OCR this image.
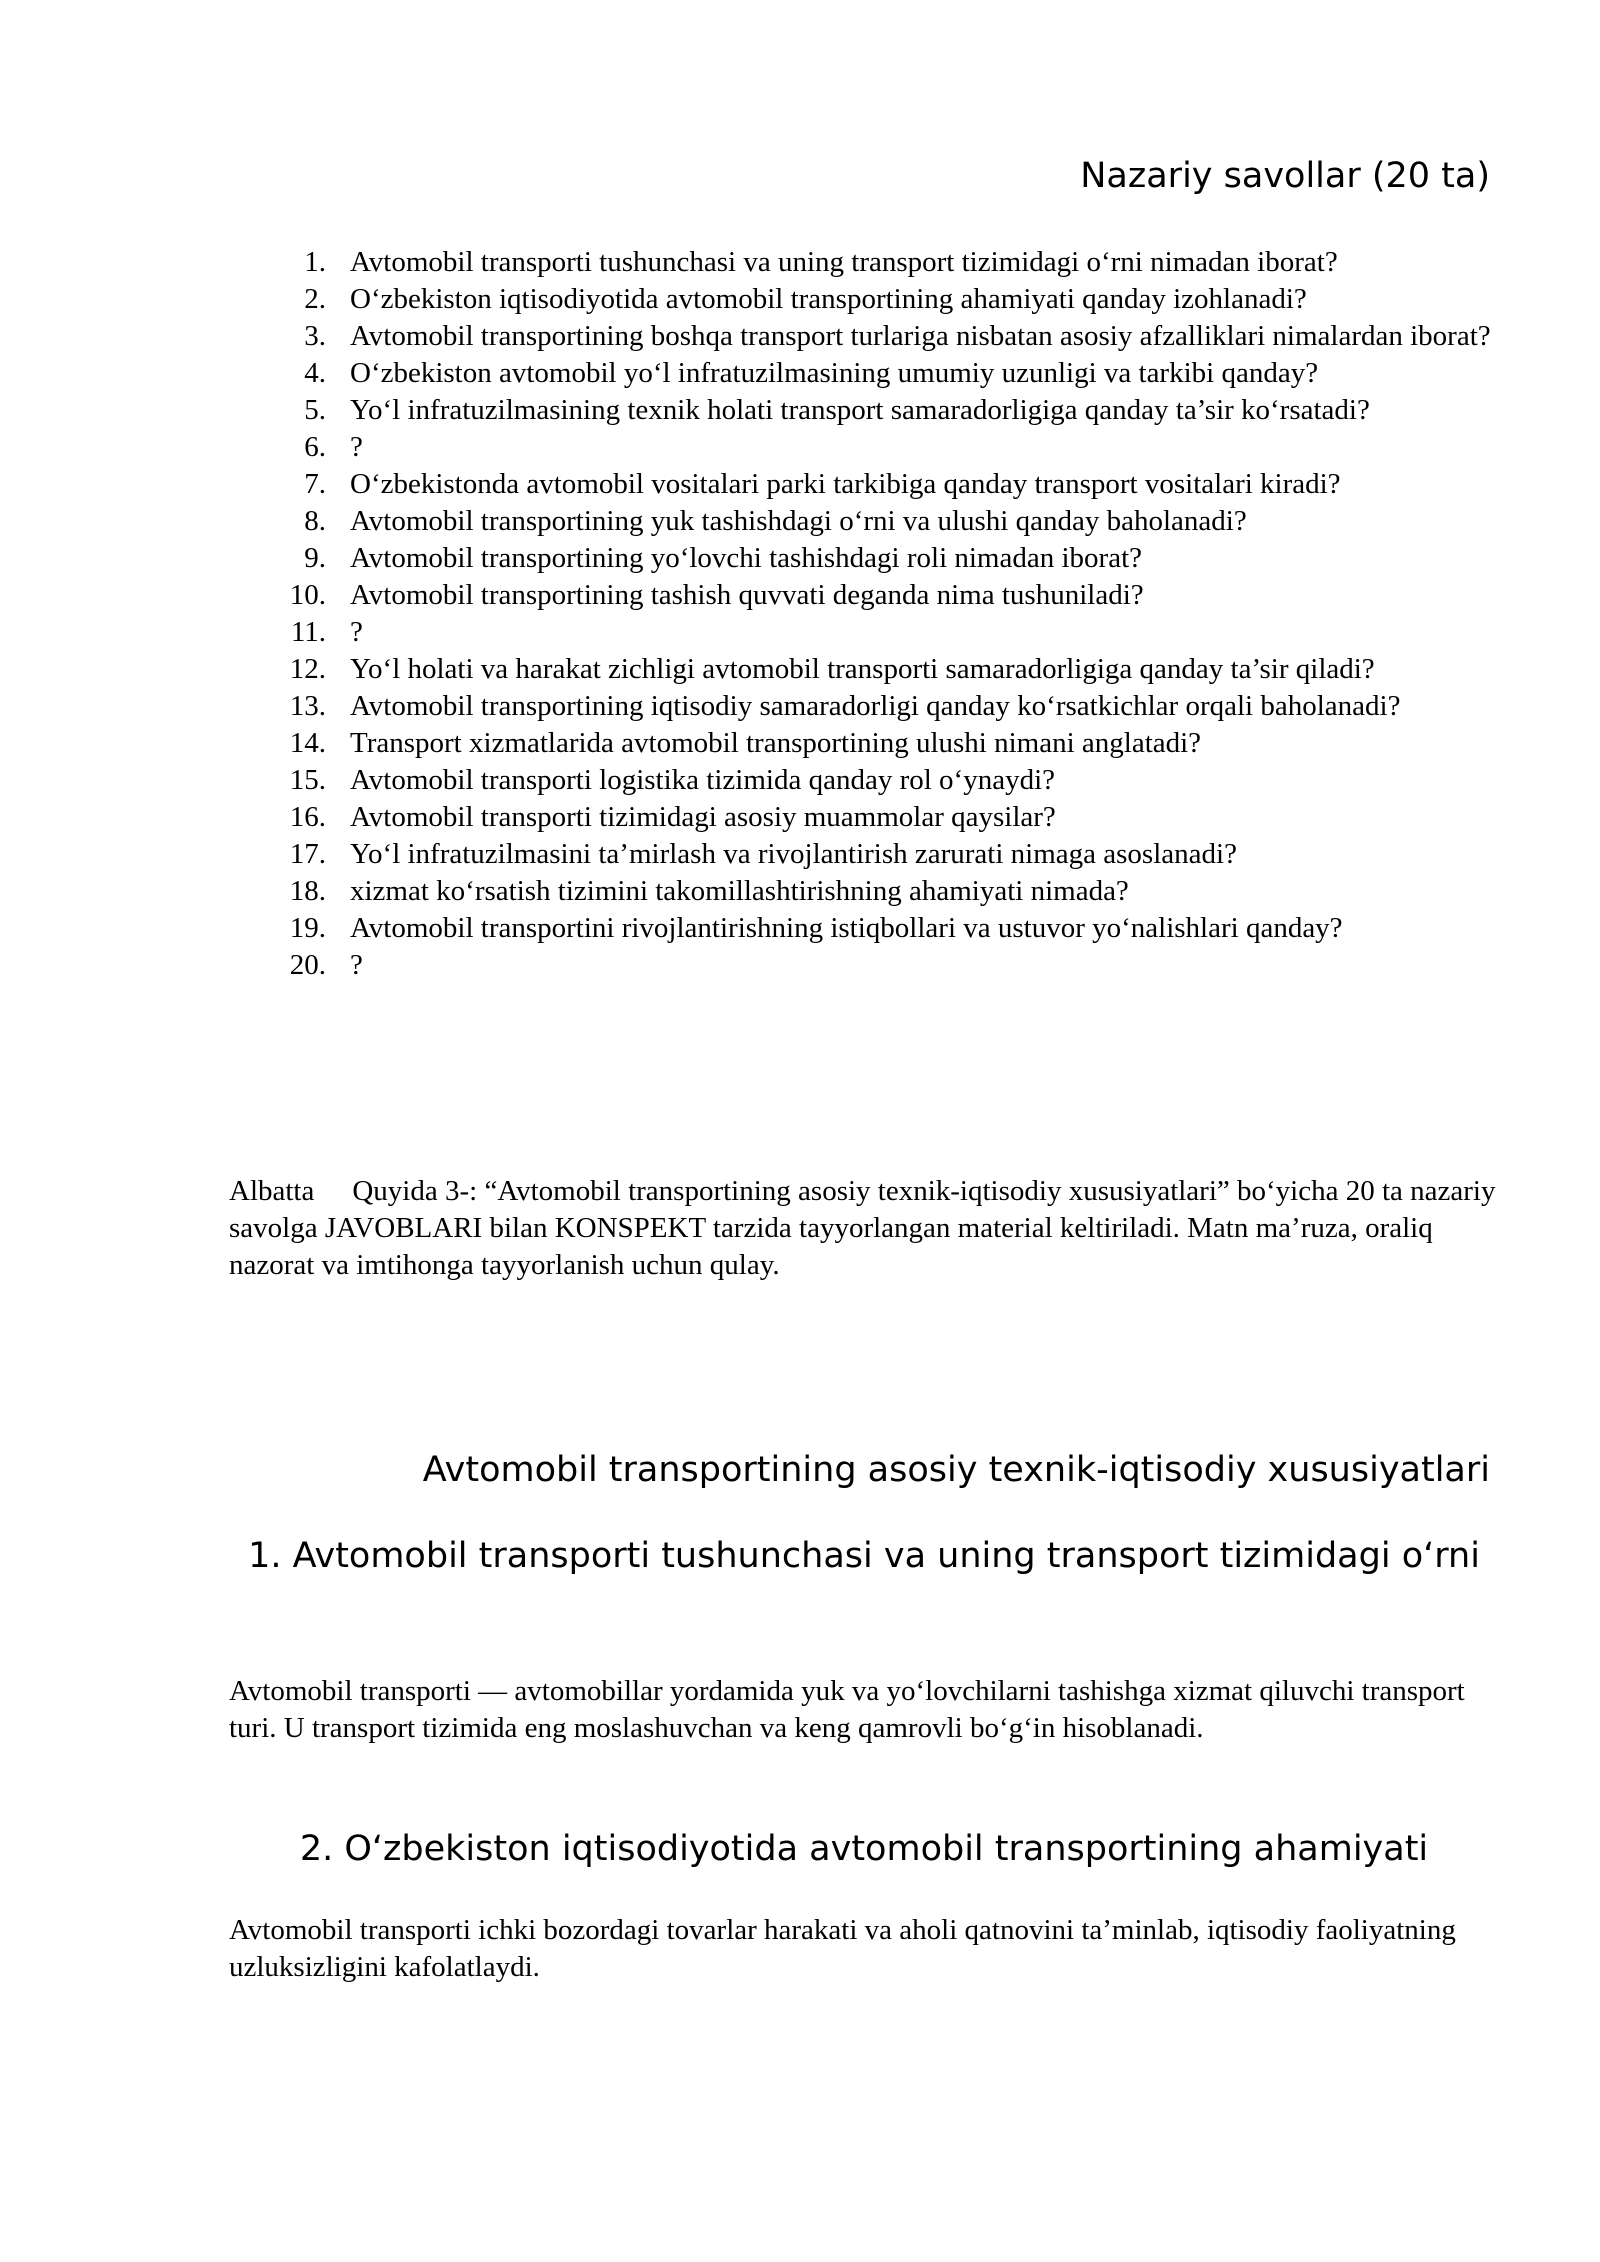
Nazariy savollar (20 ta)
1. Avtomobil transporti tushunchasi va uning transport tizimidagi o‘rni nimadan iborat?
2. O‘zbekiston iqtisodiyotida avtomobil transportining ahamiyati qanday izohlanadi?
3. Avtomobil transportining boshqa transport turlariga nisbatan asosiy afzalliklari nimalardan iborat?
4. O‘zbekiston avtomobil yo‘l infratuzilmasining umumiy uzunligi va tarkibi qanday?
5. Yo‘l infratuzilmasining texnik holati transport samaradorligiga qanday ta’sir ko‘rsatadi?
6. ?
7. O‘zbekistonda avtomobil vositalari parki tarkibiga qanday transport vositalari kiradi?
8. Avtomobil transportining yuk tashishdagi o‘rni va ulushi qanday baholanadi?
9. Avtomobil transportining yo‘lovchi tashishdagi roli nimadan iborat?
10. Avtomobil transportining tashish quvvati deganda nima tushuniladi?
11. ?
12. Yo‘l holati va harakat zichligi avtomobil transporti samaradorligiga qanday ta’sir qiladi?
13. Avtomobil transportining iqtisodiy samaradorligi qanday ko‘rsatkichlar orqali baholanadi?
14. Transport xizmatlarida avtomobil transportining ulushi nimani anglatadi?
15. Avtomobil transporti logistika tizimida qanday rol o‘ynaydi?
16. Avtomobil transporti tizimidagi asosiy muammolar qaysilar?
17. Yo‘l infratuzilmasini ta’mirlash va rivojlantirish zarurati nimaga asoslanadi?
18. xizmat ko‘rsatish tizimini takomillashtirishning ahamiyati nimada?
19. Avtomobil transportini rivojlantirishning istiqbollari va ustuvor yo‘nalishlari qanday?
20. ?

Albatta Quyida 3-: “Avtomobil transportining asosiy texnik-iqtisodiy xususiyatlari” bo‘yicha 20 ta nazariy savolga JAVOBLARI bilan KONSPEKT tarzida tayyorlangan material keltiriladi. Matn ma’ruza, oraliq nazorat va imtihonga tayyorlanish uchun qulay.

Avtomobil transportining asosiy texnik-iqtisodiy xususiyatlari
1. Avtomobil transporti tushunchasi va uning transport tizimidagi o‘rni

Avtomobil transporti — avtomobillar yordamida yuk va yo‘lovchilarni tashishga xizmat qiluvchi transport turi. U transport tizimida eng moslashuvchan va keng qamrovli bo‘g‘in hisoblanadi.

2. O‘zbekiston iqtisodiyotida avtomobil transportining ahamiyati

Avtomobil transporti ichki bozordagi tovarlar harakati va aholi qatnovini ta’minlab, iqtisodiy faoliyatning uzluksizligini kafolatlaydi.
